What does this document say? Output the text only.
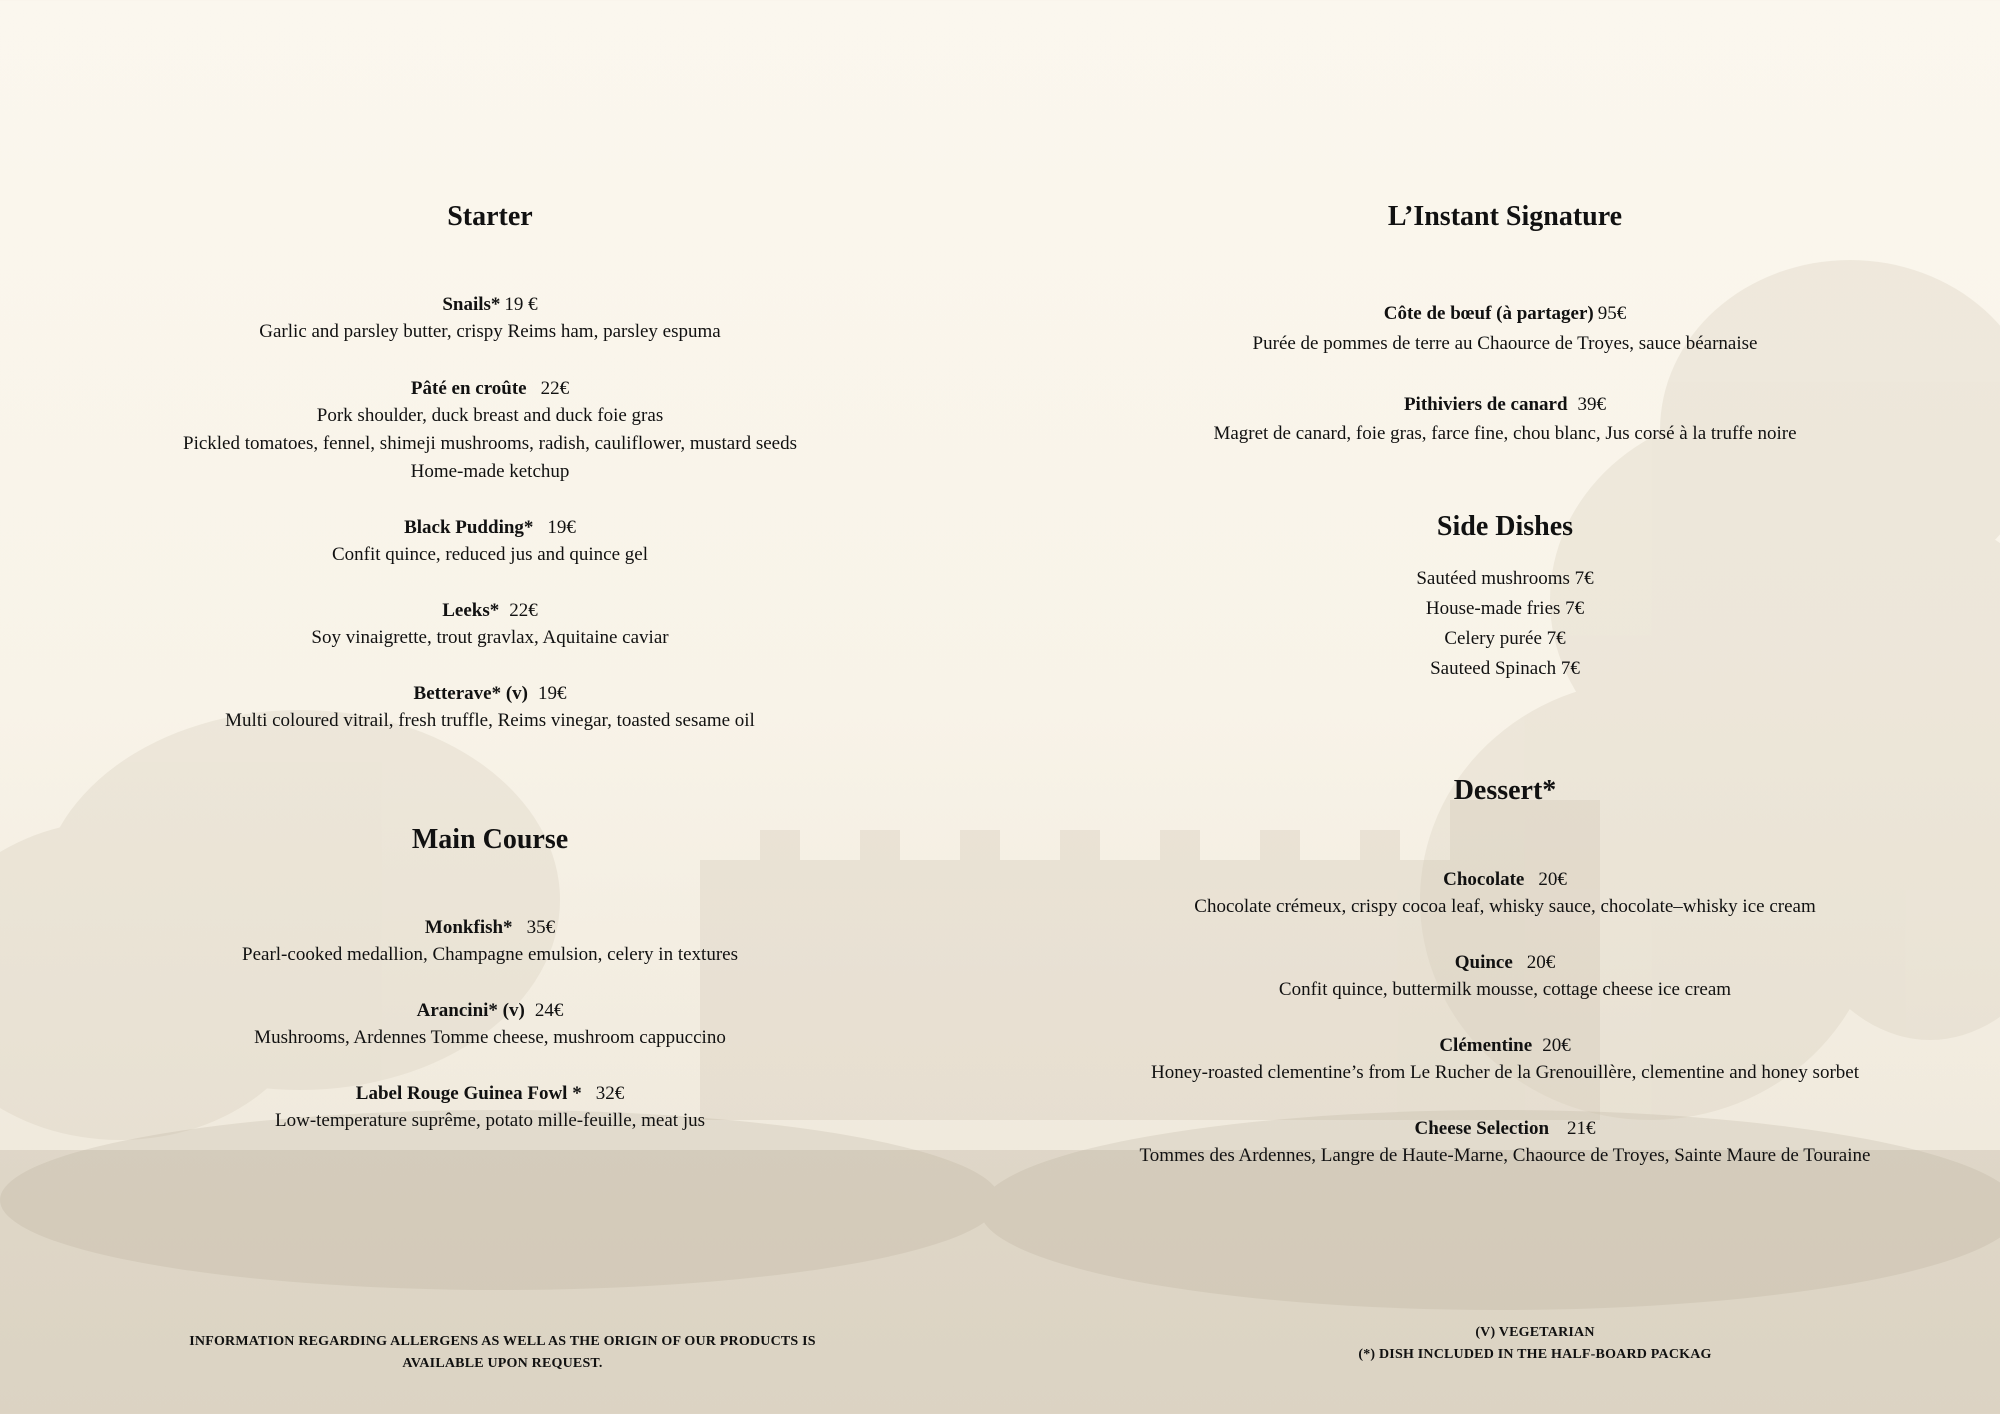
Starter
Snails* 19 €
Garlic and parsley butter, crispy Reims ham, parsley espuma
Pâté en croûte 22€
Pork shoulder, duck breast and duck foie gras
Pickled tomatoes, fennel, shimeji mushrooms, radish, cauliflower, mustard seeds
Home-made ketchup
Black Pudding* 19€
Confit quince, reduced jus and quince gel
Leeks* 22€
Soy vinaigrette, trout gravlax, Aquitaine caviar
Betterave* (v) 19€
Multi coloured vitrail, fresh truffle, Reims vinegar, toasted sesame oil
Main Course
Monkfish* 35€
Pearl-cooked medallion, Champagne emulsion, celery in textures
Arancini* (v) 24€
Mushrooms, Ardennes Tomme cheese, mushroom cappuccino
Label Rouge Guinea Fowl * 32€
Low-temperature suprême, potato mille-feuille, meat jus
L’Instant Signature
Côte de bœuf (à partager) 95€
Purée de pommes de terre au Chaource de Troyes, sauce béarnaise
Pithiviers de canard 39€
Magret de canard, foie gras, farce fine, chou blanc, Jus corsé à la truffe noire
Side Dishes
Sautéed mushrooms 7€
House-made fries 7€
Celery purée 7€
Sauteed Spinach 7€
Dessert*
Chocolate 20€
Chocolate crémeux, crispy cocoa leaf, whisky sauce, chocolate–whisky ice cream
Quince 20€
Confit quince, buttermilk mousse, cottage cheese ice cream
Clémentine 20€
Honey-roasted clementine’s from Le Rucher de la Grenouillère, clementine and honey sorbet
Cheese Selection 21€
Tommes des Ardennes, Langre de Haute-Marne, Chaource de Troyes, Sainte Maure de Touraine
INFORMATION REGARDING ALLERGENS AS WELL AS THE ORIGIN OF OUR PRODUCTS IS
AVAILABLE UPON REQUEST.
(V) VEGETARIAN
(*) DISH INCLUDED IN THE HALF-BOARD PACKAG
